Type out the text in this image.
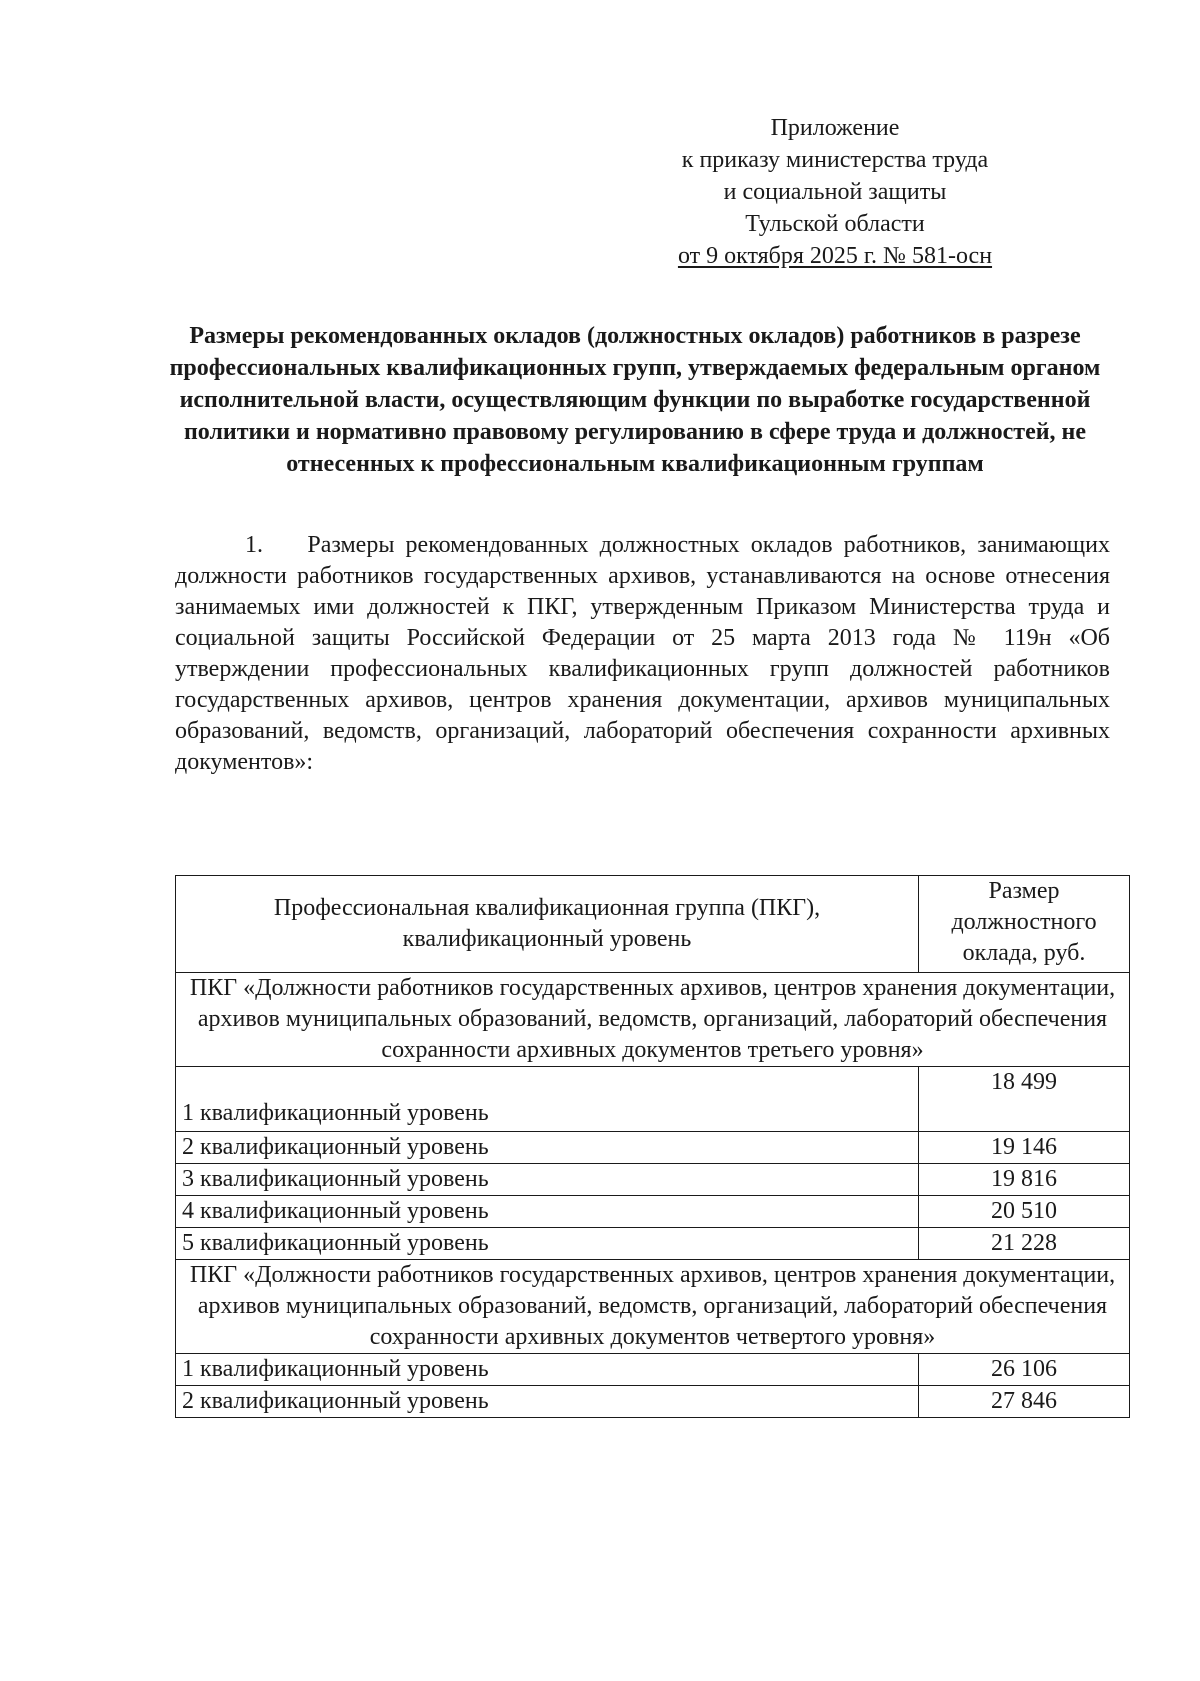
Приложение
к приказу министерства труда
и социальной защиты
Тульской области
от 9 октября 2025 г. № 581-осн
Размеры рекомендованных окладов (должностных окладов) работников в разрезе профессиональных квалификационных групп, утверждаемых федеральным органом исполнительной власти, осуществляющим функции по выработке государственной политики и нормативно правовому регулированию в сфере труда и должностей, не отнесенных к профессиональным квалификационным группам
1.    Размеры рекомендованных должностных окладов работников, занимающих должности работников государственных архивов, устанавливаются на основе отнесения занимаемых ими должностей к ПКГ, утвержденным Приказом Министерства труда и социальной защиты Российской Федерации от 25 марта 2013 года № 119н «Об утверждении профессиональных квалификационных групп должностей работников государственных архивов, центров хранения документации, архивов муниципальных образований, ведомств, организаций, лабораторий обеспечения сохранности архивных документов»:
Профессиональная квалификационная группа (ПКГ), квалификационный уровень	Размер должностного оклада, руб.
ПКГ «Должности работников государственных архивов, центров хранения документации, архивов муниципальных образований, ведомств, организаций, лабораторий обеспечения сохранности архивных документов третьего уровня»	
1 квалификационный уровень	18 499
2 квалификационный уровень	19 146
3 квалификационный уровень	19 816
4 квалификационный уровень	20 510
5 квалификационный уровень	21 228
ПКГ «Должности работников государственных архивов, центров хранения документации, архивов муниципальных образований, ведомств, организаций, лабораторий обеспечения сохранности архивных документов четвертого уровня»	
1 квалификационный уровень	26 106
2 квалификационный уровень	27 846
